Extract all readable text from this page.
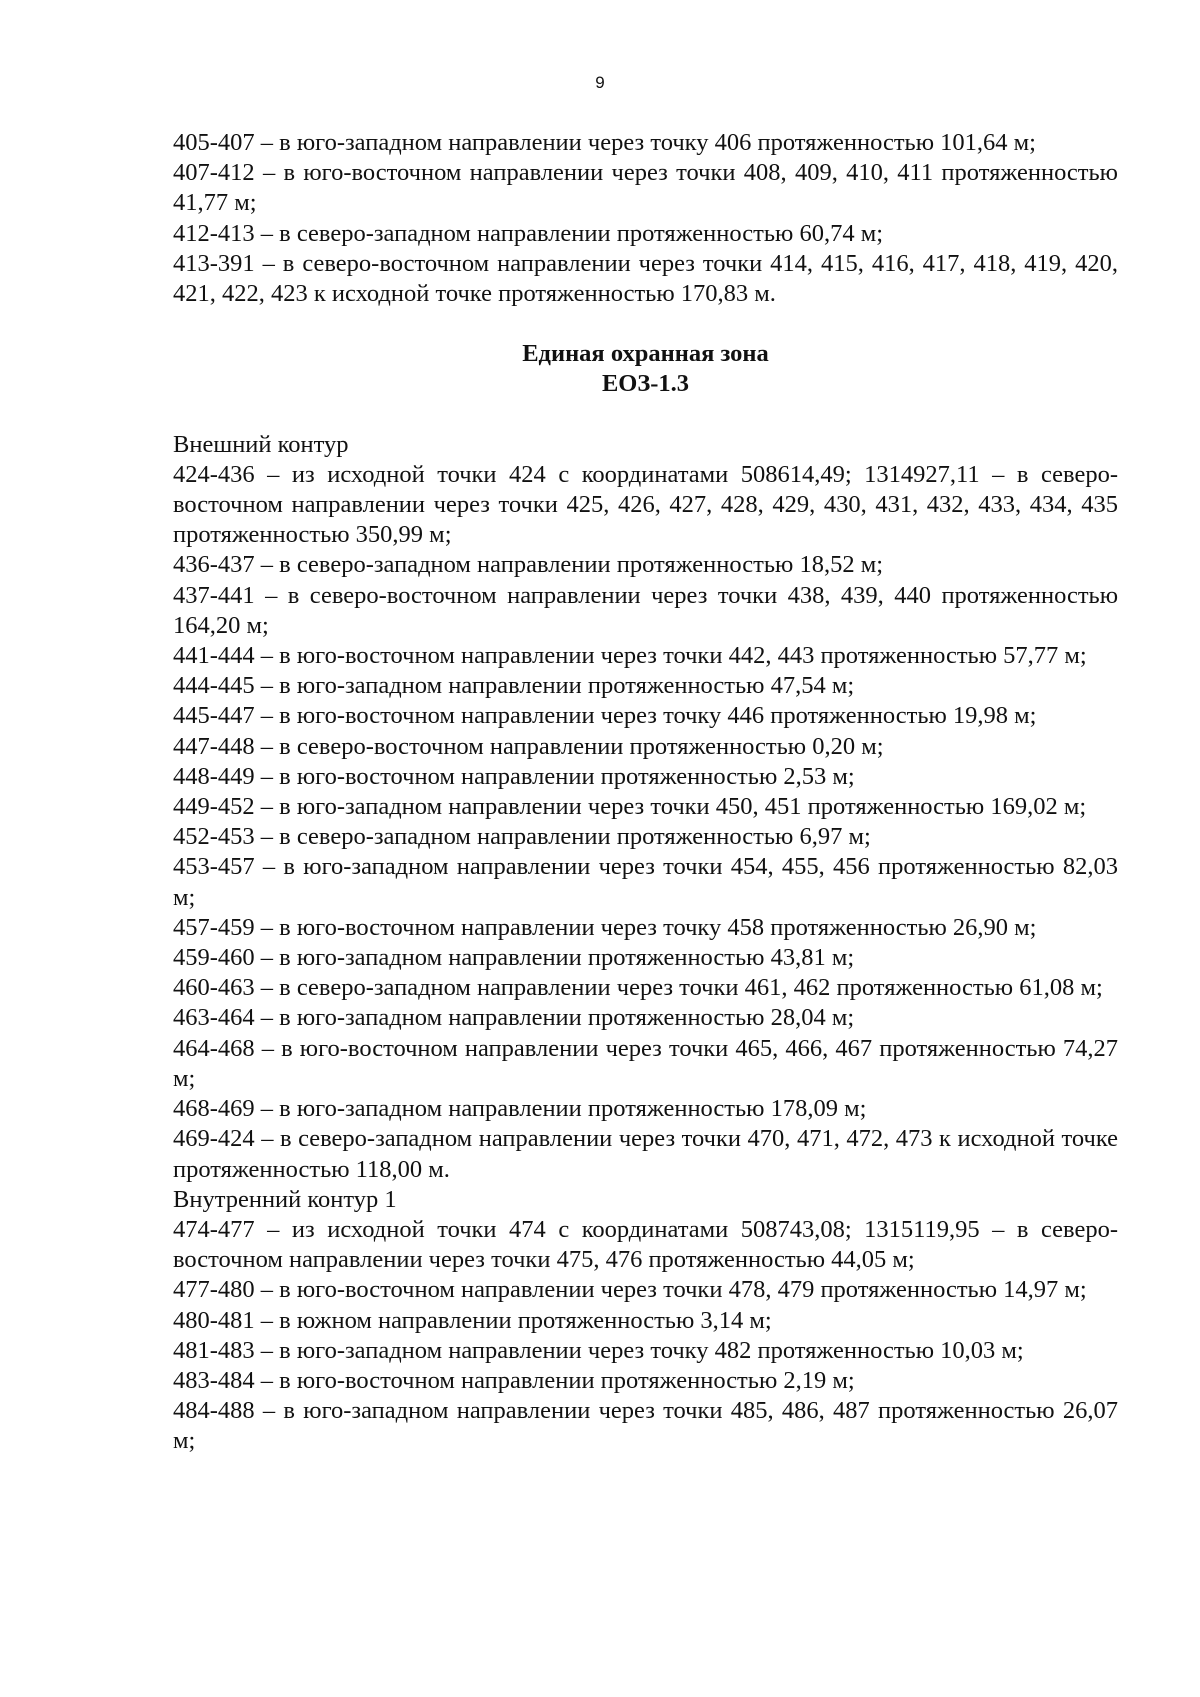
9

405-407 – в юго-западном направлении через точку 406 протяженностью 101,64 м;

407-412 – в юго-восточном направлении через точки 408, 409, 410, 411 протяженностью 41,77 м;

412-413 – в северо-западном направлении протяженностью 60,74 м;

413-391 – в северо-восточном направлении через точки 414, 415, 416, 417, 418, 419, 420, 421, 422, 423 к исходной точке протяженностью 170,83 м.

Единая охранная зона

ЕОЗ-1.3

Внешний контур

424-436 – из исходной точки 424 с координатами 508614,49; 1314927,11 – в северо-восточном направлении через точки 425, 426, 427, 428, 429, 430, 431, 432, 433, 434, 435 протяженностью 350,99 м;

436-437 – в северо-западном направлении протяженностью 18,52 м;

437-441 – в северо-восточном направлении через точки 438, 439, 440 протяженностью 164,20 м;

441-444 – в юго-восточном направлении через точки 442, 443 протяженностью 57,77 м;

444-445 – в юго-западном направлении протяженностью 47,54 м;

445-447 – в юго-восточном направлении через точку 446 протяженностью 19,98 м;

447-448 – в северо-восточном направлении протяженностью 0,20 м;

448-449 – в юго-восточном направлении протяженностью 2,53 м;

449-452 – в юго-западном направлении через точки 450, 451 протяженностью 169,02 м;

452-453 – в северо-западном направлении протяженностью 6,97 м;

453-457 – в юго-западном направлении через точки 454, 455, 456 протяженностью 82,03 м;

457-459 – в юго-восточном направлении через точку 458 протяженностью 26,90 м;

459-460 – в юго-западном направлении протяженностью 43,81 м;

460-463 – в северо-западном направлении через точки 461, 462 протяженностью 61,08 м;

463-464 – в юго-западном направлении протяженностью 28,04 м;

464-468 – в юго-восточном направлении через точки 465, 466, 467 протяженностью 74,27 м;

468-469 – в юго-западном направлении протяженностью 178,09 м;

469-424 – в северо-западном направлении через точки 470, 471, 472, 473 к исходной точке протяженностью 118,00 м.

Внутренний контур 1

474-477 – из исходной точки 474 с координатами 508743,08; 1315119,95 – в северо-восточном направлении через точки 475, 476 протяженностью 44,05 м;

477-480 – в юго-восточном направлении через точки 478, 479 протяженностью 14,97 м;

480-481 – в южном направлении протяженностью 3,14 м;

481-483 – в юго-западном направлении через точку 482 протяженностью 10,03 м;

483-484 – в юго-восточном направлении протяженностью 2,19 м;

484-488 – в юго-западном направлении через точки 485, 486, 487 протяженностью 26,07 м;
